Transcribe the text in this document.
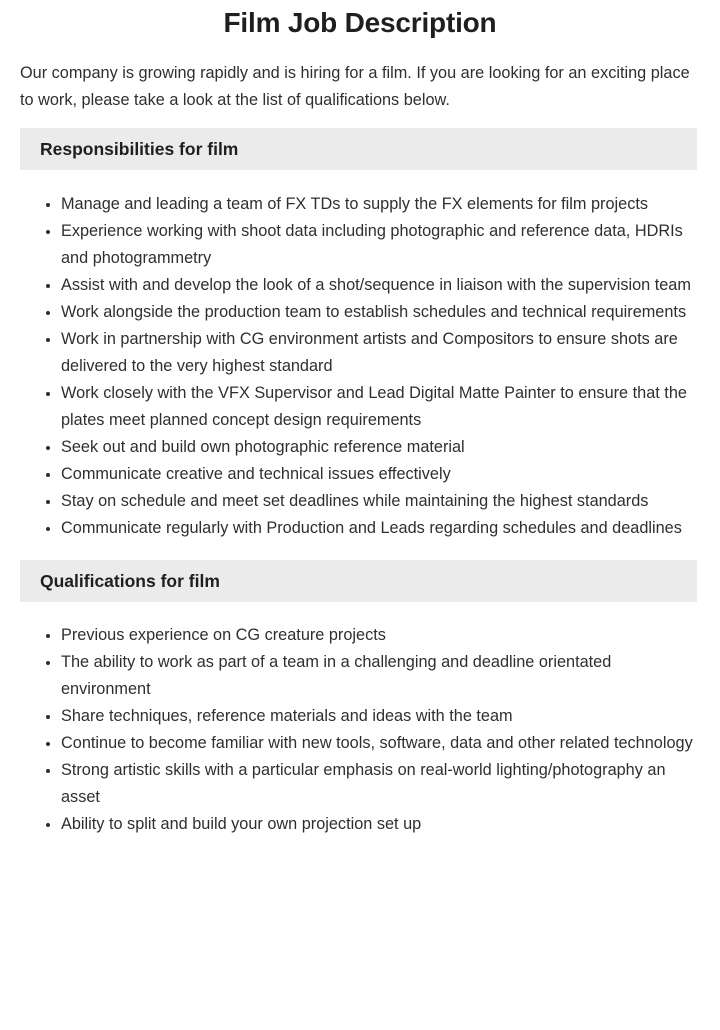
Film Job Description

Our company is growing rapidly and is hiring for a film. If you are looking for an exciting place to work, please take a look at the list of qualifications below.

Responsibilities for film
• Manage and leading a team of FX TDs to supply the FX elements for film projects
• Experience working with shoot data including photographic and reference data, HDRIs and photogrammetry
• Assist with and develop the look of a shot/sequence in liaison with the supervision team
• Work alongside the production team to establish schedules and technical requirements
• Work in partnership with CG environment artists and Compositors to ensure shots are delivered to the very highest standard
• Work closely with the VFX Supervisor and Lead Digital Matte Painter to ensure that the plates meet planned concept design requirements
• Seek out and build own photographic reference material
• Communicate creative and technical issues effectively
• Stay on schedule and meet set deadlines while maintaining the highest standards
• Communicate regularly with Production and Leads regarding schedules and deadlines
Qualifications for film
• Previous experience on CG creature projects
• The ability to work as part of a team in a challenging and deadline orientated environment
• Share techniques, reference materials and ideas with the team
• Continue to become familiar with new tools, software, data and other related technology
• Strong artistic skills with a particular emphasis on real-world lighting/photography an asset
• Ability to split and build your own projection set up
